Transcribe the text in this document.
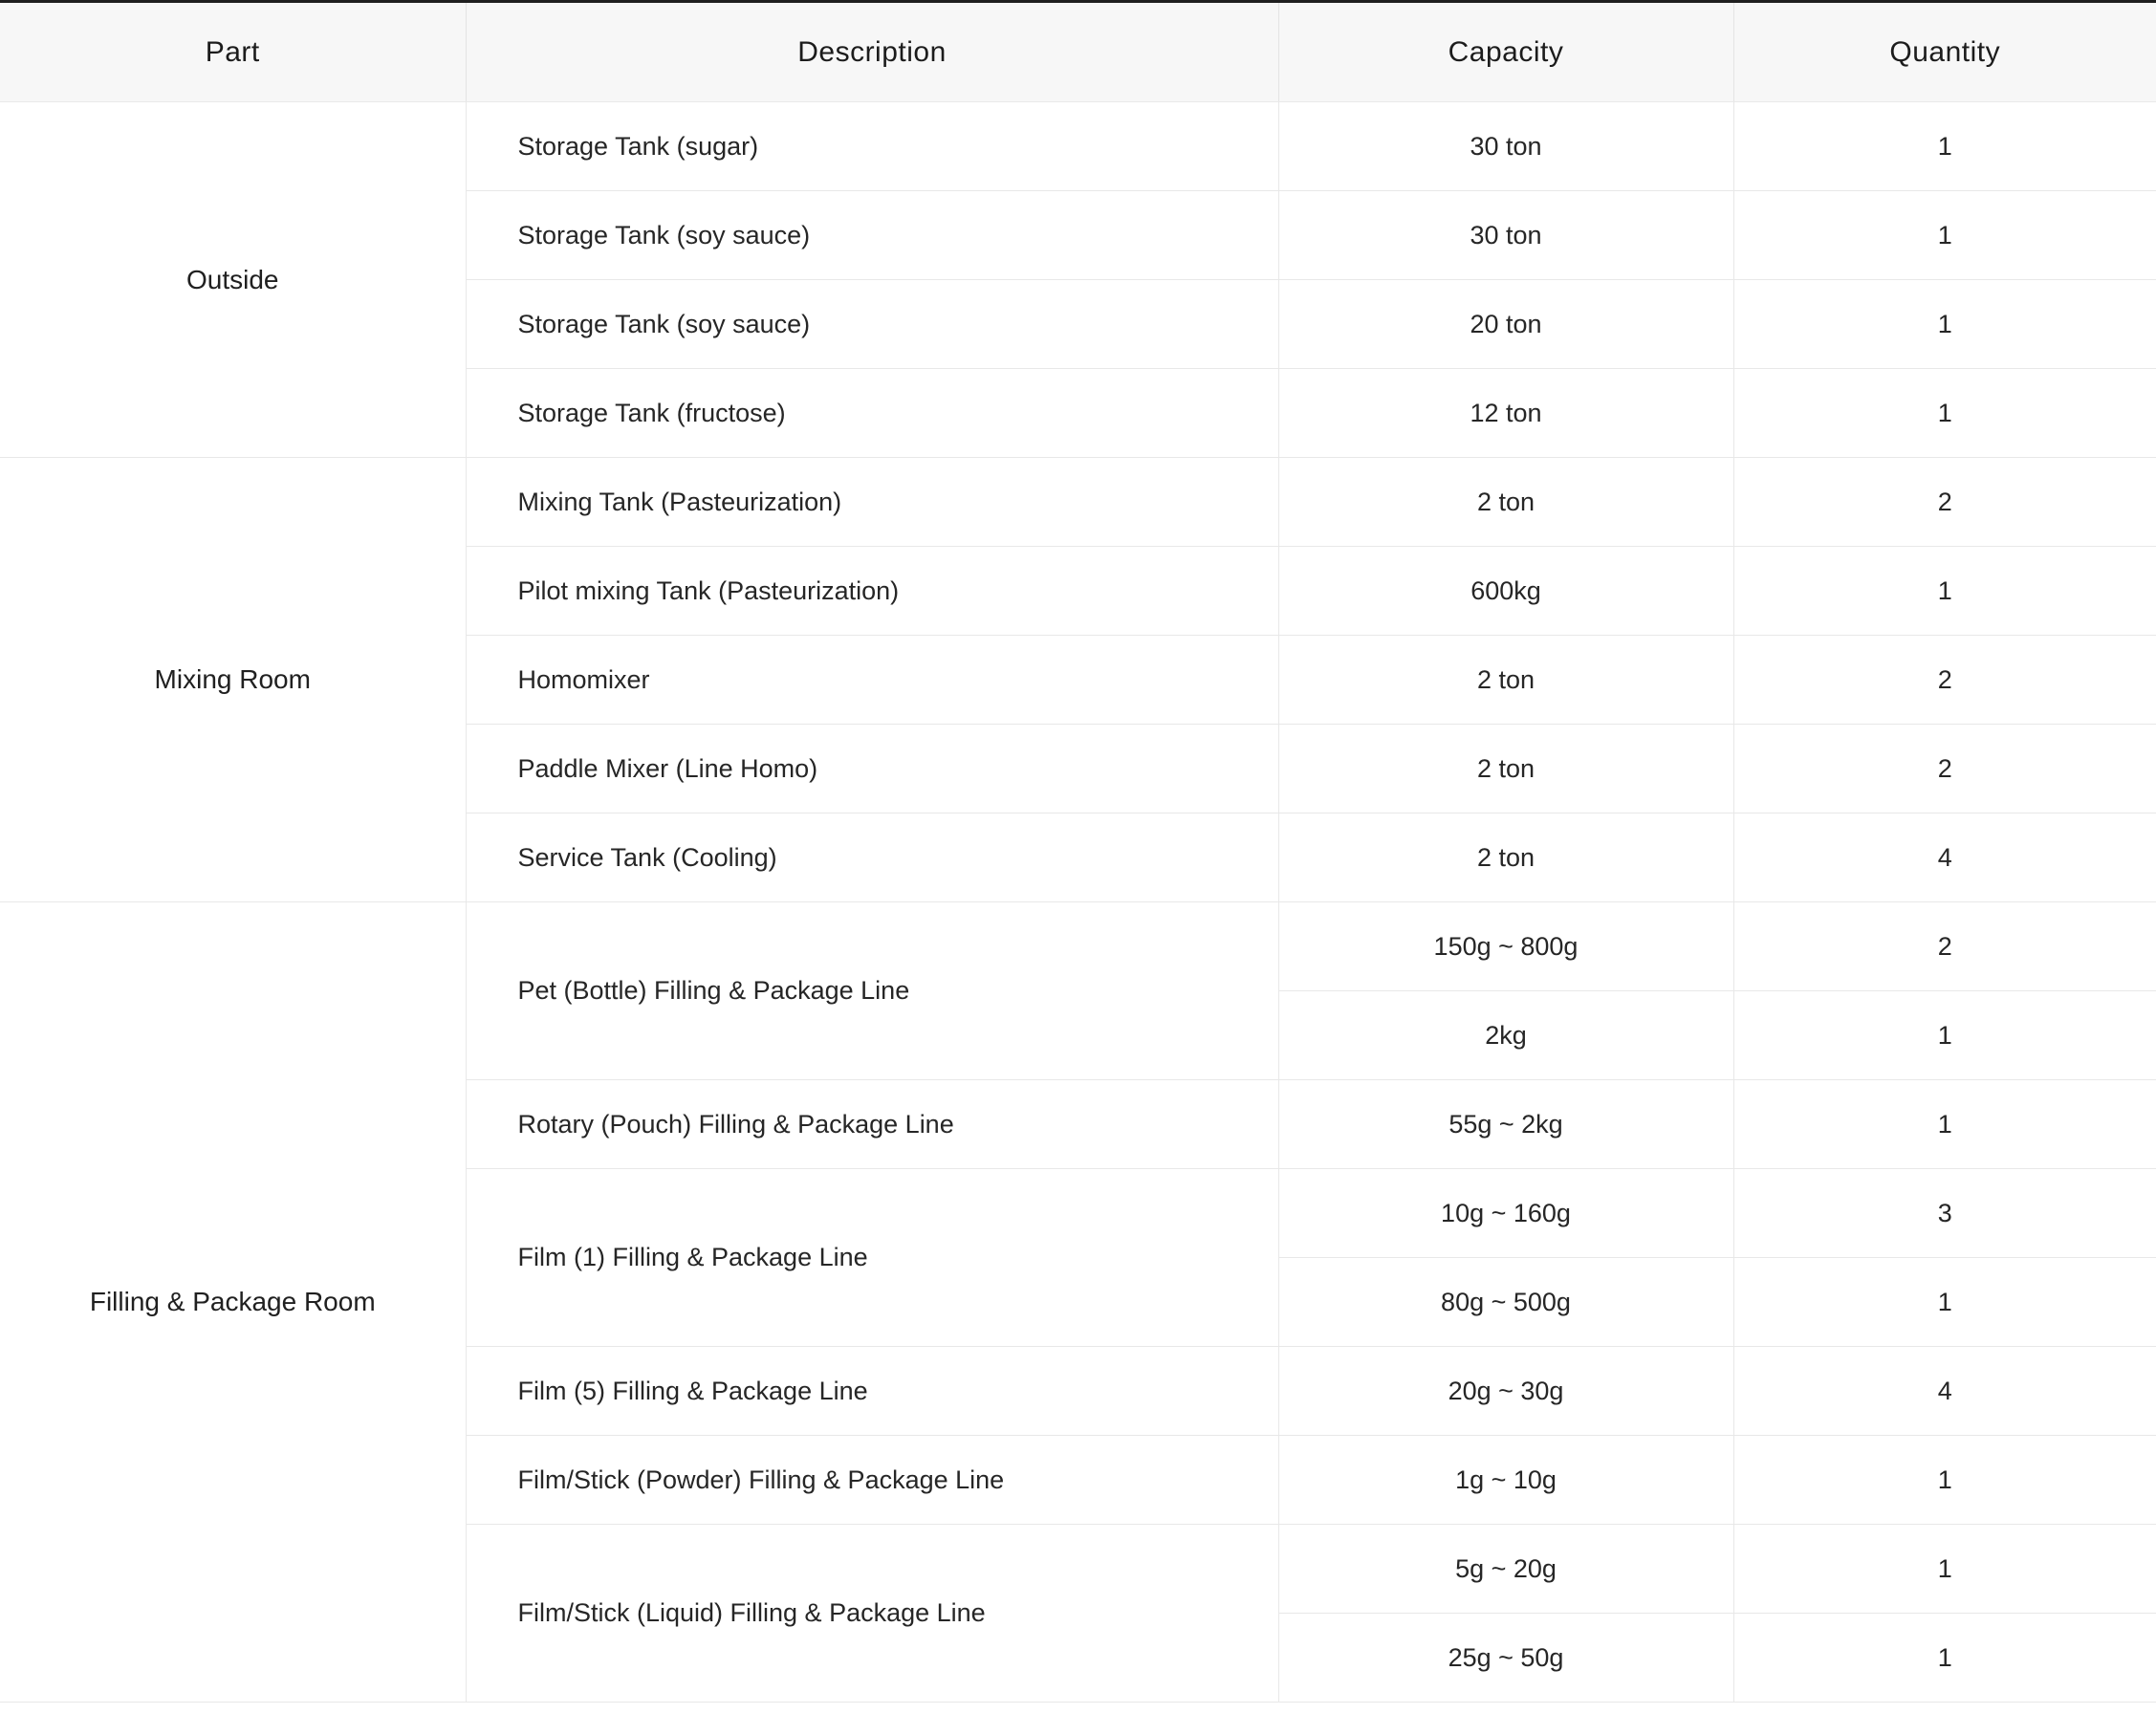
Part	Description	Capacity	Quantity
Outside	Storage Tank (sugar)	30 ton	1
	Storage Tank (soy sauce)	30 ton	1
	Storage Tank (soy sauce)	20 ton	1
	Storage Tank (fructose)	12 ton	1
Mixing Room	Mixing Tank (Pasteurization)	2 ton	2
	Pilot mixing Tank (Pasteurization)	600kg	1
	Homomixer	2 ton	2
	Paddle Mixer (Line Homo)	2 ton	2
	Service Tank (Cooling)	2 ton	4
Filling & Package Room	Pet (Bottle) Filling & Package Line	150g ~ 800g	2
		2kg	1
	Rotary (Pouch) Filling & Package Line	55g ~ 2kg	1
	Film (1) Filling & Package Line	10g ~ 160g	3
		80g ~ 500g	1
	Film (5) Filling & Package Line	20g ~ 30g	4
	Film/Stick (Powder) Filling & Package Line	1g ~ 10g	1
	Film/Stick (Liquid) Filling & Package Line	5g ~ 20g	1
		25g ~ 50g	1
